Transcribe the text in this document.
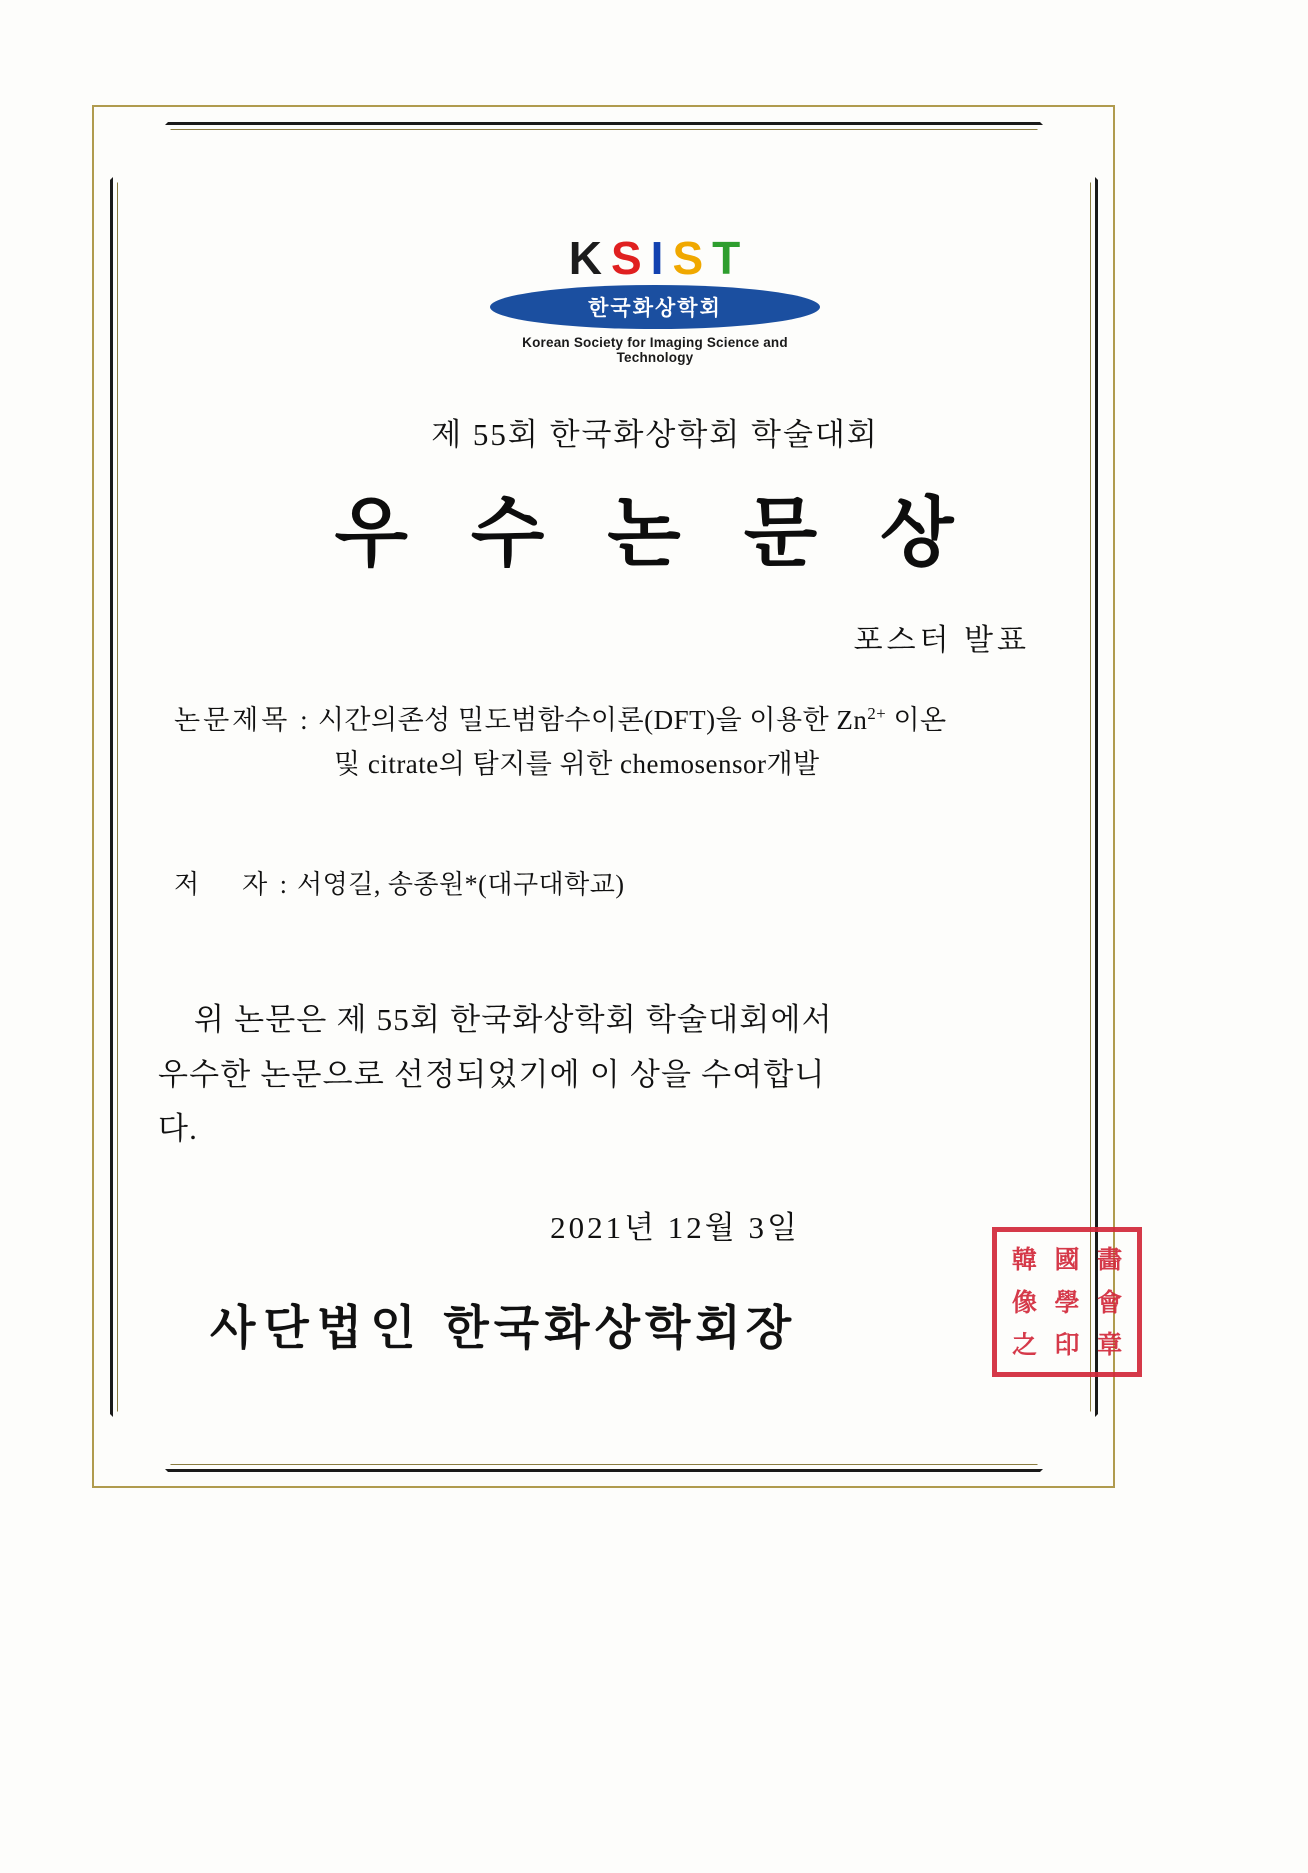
KSIST
한국화상학회
Korean Society for Imaging Science and Technology
제 55회 한국화상학회 학술대회
우 수 논 문 상
포스터 발표
논문제목 : 시간의존성 밀도범함수이론(DFT)을 이용한 $Zn^{2+}$ 이온
및 citrate의 탐지를 위한 chemosensor개발
저 자 : 서영길, 송종원*(대구대학교)
위 논문은 제 55회 한국화상학회 학술대회에서
우수한 논문으로 선정되었기에 이 상을 수여합니
다.
2021년 12월 3일
사단법인 한국화상학회장
韓 國 畵
像 學 會
之 印 章
